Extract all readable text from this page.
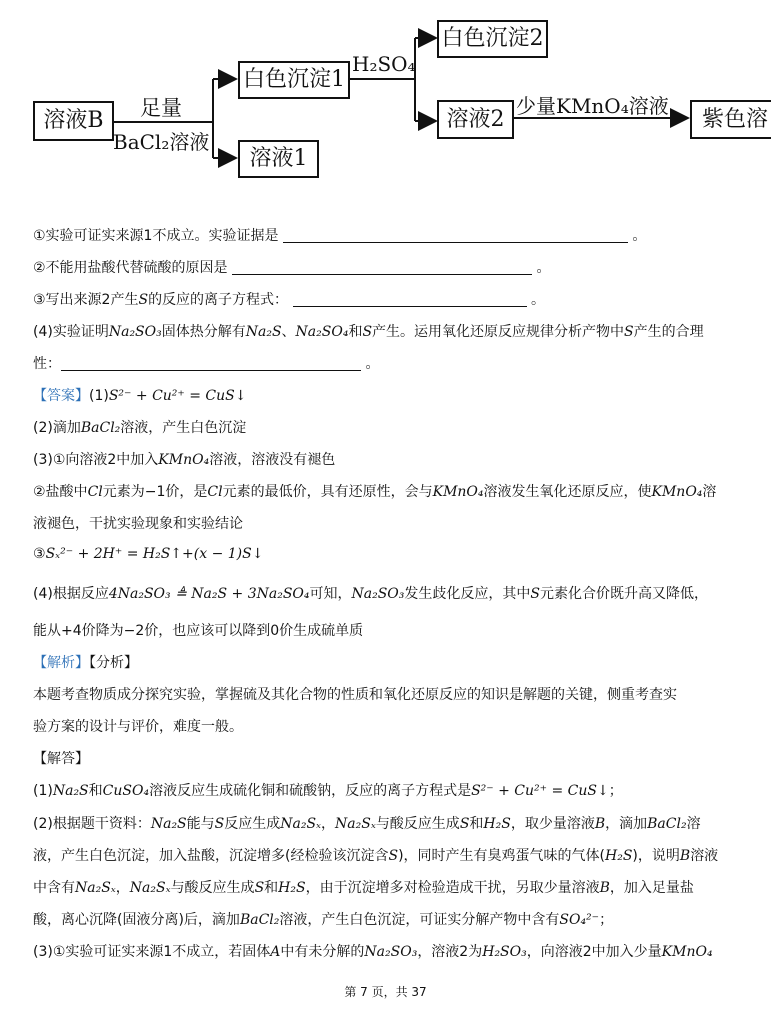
溶液B 足量
BaCl₂溶液
白色沉淀1
溶液1
H₂SO₄
白色沉淀2
溶液2
少量KMnO₄溶液
紫色溶
①实验可证实来源1不成立。实验证据是	。
②不能用盐酸代替硫酸的原因是	。
③写出来源2产生S的反应的离子方程式：	。
(4)实验证明Na₂SO₃固体热分解有Na₂S、Na₂SO₄和S产生。运用氧化还原反应规律分析产物中S产生的合理
性：	。
【答案】(1)S²⁻ + Cu²⁺ = CuS↓
(2)滴加BaCl₂溶液，产生白色沉淀
(3)①向溶液2中加入KMnO₄溶液，溶液没有褪色
②盐酸中Cl元素为−1价，是Cl元素的最低价，具有还原性，会与KMnO₄溶液发生氧化还原反应，使KMnO₄溶
液褪色，干扰实验现象和实验结论
③Sₓ²⁻ + 2H⁺ = H₂S↑+(x − 1)S↓
(4)根据反应4Na₂SO₃ ≜ Na₂S + 3Na₂SO₄可知，Na₂SO₃发生歧化反应，其中S元素化合价既升高又降低，
能从+4价降为−2价，也应该可以降到0价生成硫单质
【解析】【分析】
本题考查物质成分探究实验，掌握硫及其化合物的性质和氧化还原反应的知识是解题的关键，侧重考查实
验方案的设计与评价，难度一般。
【解答】
(1)Na₂S和CuSO₄溶液反应生成硫化铜和硫酸钠，反应的离子方程式是S²⁻ + Cu²⁺ = CuS↓；
(2)根据题干资料：Na₂S能与S反应生成Na₂Sₓ，Na₂Sₓ与酸反应生成S和H₂S，取少量溶液B，滴加BaCl₂溶
液，产生白色沉淀，加入盐酸，沉淀增多(经检验该沉淀含S)，同时产生有臭鸡蛋气味的气体(H₂S)，说明B溶液
中含有Na₂Sₓ，Na₂Sₓ与酸反应生成S和H₂S，由于沉淀增多对检验造成干扰，另取少量溶液B，加入足量盐
酸，离心沉降(固液分离)后，滴加BaCl₂溶液，产生白色沉淀，可证实分解产物中含有SO₄²⁻；
(3)①实验可证实来源1不成立，若固体A中有未分解的Na₂SO₃，溶液2为H₂SO₃，向溶液2中加入少量KMnO₄
第 7 页，共 37
